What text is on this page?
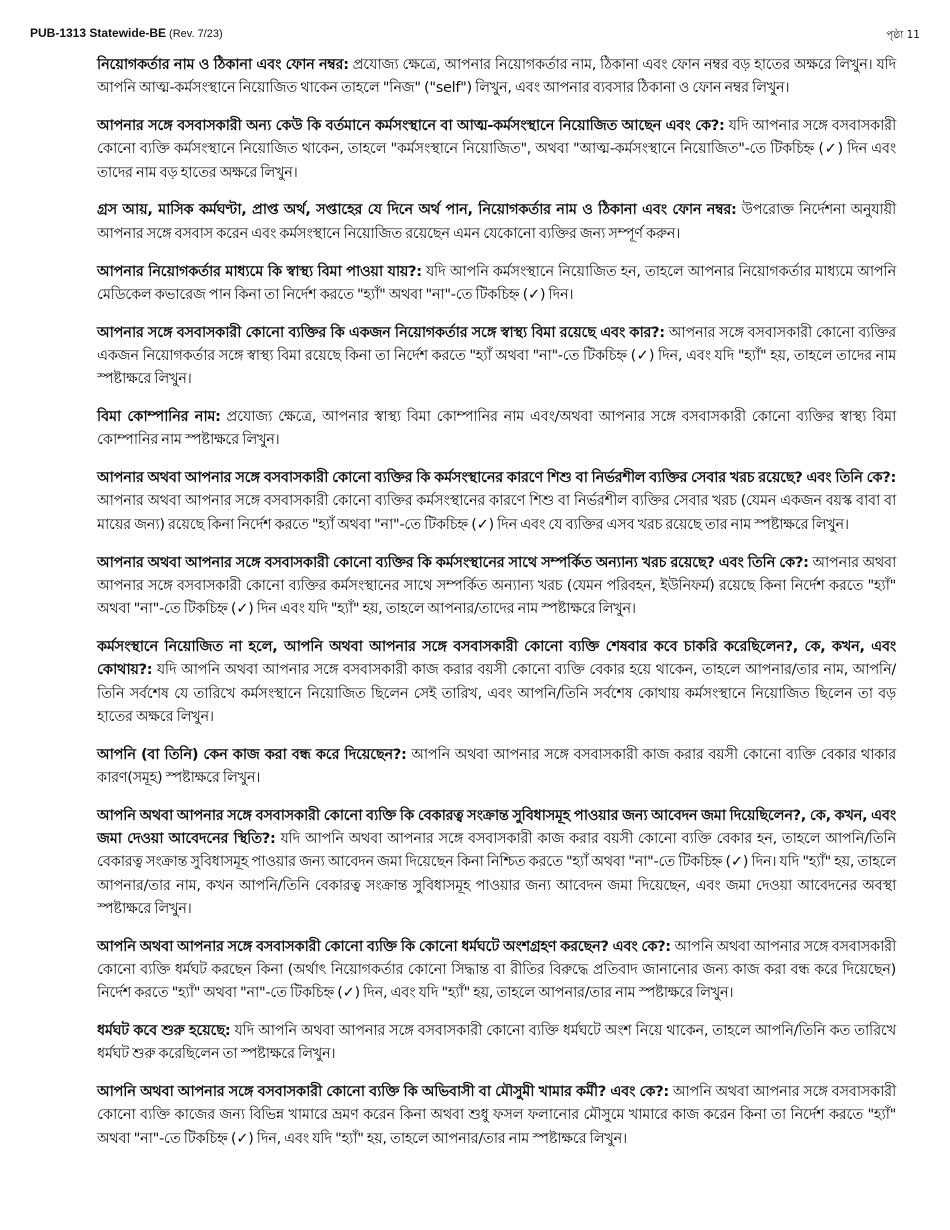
PUB-1313 Statewide-BE (Rev. 7/23)	পৃষ্ঠা 11

নিয়োগকর্তার নাম ও ঠিকানা এবং ফোন নম্বর: প্রযোজ্য ক্ষেত্রে, আপনার নিয়োগকর্তার নাম, ঠিকানা এবং ফোন নম্বর বড় হাতের অক্ষরে লিখুন। যদি আপনি আত্ম-কর্মসংস্থানে নিয়োজিত থাকেন তাহলে "নিজ" ("self") লিখুন, এবং আপনার ব্যবসার ঠিকানা ও ফোন নম্বর লিখুন।

আপনার সঙ্গে বসবাসকারী অন্য কেউ কি বর্তমানে কর্মসংস্থানে বা আত্ম-কর্মসংস্থানে নিয়োজিত আছেন এবং কে?: যদি আপনার সঙ্গে বসবাসকারী কোনো ব্যক্তি কর্মসংস্থানে নিয়োজিত থাকেন, তাহলে "কর্মসংস্থানে নিয়োজিত", অথবা "আত্ম-কর্মসংস্থানে নিয়োজিত"-তে টিকচিহ্ন (✓) দিন এবং তাদের নাম বড় হাতের অক্ষরে লিখুন।

গ্রস আয়, মাসিক কর্মঘণ্টা, প্রাপ্ত অর্থ, সপ্তাহের যে দিনে অর্থ পান, নিয়োগকর্তার নাম ও ঠিকানা এবং ফোন নম্বর: উপরোক্ত নির্দেশনা অনুযায়ী আপনার সঙ্গে বসবাস করেন এবং কর্মসংস্থানে নিয়োজিত রয়েছেন এমন যেকোনো ব্যক্তির জন্য সম্পূর্ণ করুন।

আপনার নিয়োগকর্তার মাধ্যমে কি স্বাস্থ্য বিমা পাওয়া যায়?: যদি আপনি কর্মসংস্থানে নিয়োজিত হন, তাহলে আপনার নিয়োগকর্তার মাধ্যমে আপনি মেডিকেল কভারেজ পান কিনা তা নির্দেশ করতে "হ্যাঁ" অথবা "না"-তে টিকচিহ্ন (✓) দিন।

আপনার সঙ্গে বসবাসকারী কোনো ব্যক্তির কি একজন নিয়োগকর্তার সঙ্গে স্বাস্থ্য বিমা রয়েছে এবং কার?: আপনার সঙ্গে বসবাসকারী কোনো ব্যক্তির একজন নিয়োগকর্তার সঙ্গে স্বাস্থ্য বিমা রয়েছে কিনা তা নির্দেশ করতে "হ্যাঁ অথবা "না"-তে টিকচিহ্ন (✓) দিন, এবং যদি "হ্যাঁ" হয়, তাহলে তাদের নাম স্পষ্টাক্ষরে লিখুন।

বিমা কোম্পানির নাম: প্রযোজ্য ক্ষেত্রে, আপনার স্বাস্থ্য বিমা কোম্পানির নাম এবং/অথবা আপনার সঙ্গে বসবাসকারী কোনো ব্যক্তির স্বাস্থ্য বিমা কোম্পানির নাম স্পষ্টাক্ষরে লিখুন।

আপনার অথবা আপনার সঙ্গে বসবাসকারী কোনো ব্যক্তির কি কর্মসংস্থানের কারণে শিশু বা নির্ভরশীল ব্যক্তির সেবার খরচ রয়েছে? এবং তিনি কে?: আপনার অথবা আপনার সঙ্গে বসবাসকারী কোনো ব্যক্তির কর্মসংস্থানের কারণে শিশু বা নির্ভরশীল ব্যক্তির সেবার খরচ (যেমন একজন বয়স্ক বাবা বা মায়ের জন্য) রয়েছে কিনা নির্দেশ করতে "হ্যাঁ অথবা "না"-তে টিকচিহ্ন (✓) দিন এবং যে ব্যক্তির এসব খরচ রয়েছে তার নাম স্পষ্টাক্ষরে লিখুন।

আপনার অথবা আপনার সঙ্গে বসবাসকারী কোনো ব্যক্তির কি কর্মসংস্থানের সাথে সম্পর্কিত অন্যান্য খরচ রয়েছে? এবং তিনি কে?: আপনার অথবা আপনার সঙ্গে বসবাসকারী কোনো ব্যক্তির কর্মসংস্থানের সাথে সম্পর্কিত অন্যান্য খরচ (যেমন পরিবহন, ইউনিফর্ম) রয়েছে কিনা নির্দেশ করতে "হ্যাঁ" অথবা "না"-তে টিকচিহ্ন (✓) দিন এবং যদি "হ্যাঁ" হয়, তাহলে আপনার/তাদের নাম স্পষ্টাক্ষরে লিখুন।

কর্মসংস্থানে নিয়োজিত না হলে, আপনি অথবা আপনার সঙ্গে বসবাসকারী কোনো ব্যক্তি শেষবার কবে চাকরি করেছিলেন?, কে, কখন, এবং কোথায়?: যদি আপনি অথবা আপনার সঙ্গে বসবাসকারী কাজ করার বয়সী কোনো ব্যক্তি বেকার হয়ে থাকেন, তাহলে আপনার/তার নাম, আপনি/তিনি সর্বশেষ যে তারিখে কর্মসংস্থানে নিয়োজিত ছিলেন সেই তারিখ, এবং আপনি/তিনি সর্বশেষ কোথায় কর্মসংস্থানে নিয়োজিত ছিলেন তা বড় হাতের অক্ষরে লিখুন।

আপনি (বা তিনি) কেন কাজ করা বন্ধ করে দিয়েছেন?: আপনি অথবা আপনার সঙ্গে বসবাসকারী কাজ করার বয়সী কোনো ব্যক্তি বেকার থাকার কারণ(সমূহ) স্পষ্টাক্ষরে লিখুন।

আপনি অথবা আপনার সঙ্গে বসবাসকারী কোনো ব্যক্তি কি বেকারত্ব সংক্রান্ত সুবিধাসমূহ পাওয়ার জন্য আবেদন জমা দিয়েছিলেন?, কে, কখন, এবং জমা দেওয়া আবেদনের স্থিতি?: যদি আপনি অথবা আপনার সঙ্গে বসবাসকারী কাজ করার বয়সী কোনো ব্যক্তি বেকার হন, তাহলে আপনি/তিনি বেকারত্ব সংক্রান্ত সুবিধাসমূহ পাওয়ার জন্য আবেদন জমা দিয়েছেন কিনা নিশ্চিত করতে "হ্যাঁ অথবা "না"-তে টিকচিহ্ন (✓) দিন। যদি "হ্যাঁ" হয়, তাহলে আপনার/তার নাম, কখন আপনি/তিনি বেকারত্ব সংক্রান্ত সুবিধাসমূহ পাওয়ার জন্য আবেদন জমা দিয়েছেন, এবং জমা দেওয়া আবেদনের অবস্থা স্পষ্টাক্ষরে লিখুন।

আপনি অথবা আপনার সঙ্গে বসবাসকারী কোনো ব্যক্তি কি কোনো ধর্মঘটে অংশগ্রহণ করছেন? এবং কে?: আপনি অথবা আপনার সঙ্গে বসবাসকারী কোনো ব্যক্তি ধর্মঘট করছেন কিনা (অর্থাৎ নিয়োগকর্তার কোনো সিদ্ধান্ত বা রীতির বিরুদ্ধে প্রতিবাদ জানানোর জন্য কাজ করা বন্ধ করে দিয়েছেন) নির্দেশ করতে "হ্যাঁ" অথবা "না"-তে টিকচিহ্ন (✓) দিন, এবং যদি "হ্যাঁ" হয়, তাহলে আপনার/তার নাম স্পষ্টাক্ষরে লিখুন।

ধর্মঘট কবে শুরু হয়েছে: যদি আপনি অথবা আপনার সঙ্গে বসবাসকারী কোনো ব্যক্তি ধর্মঘটে অংশ নিয়ে থাকেন, তাহলে আপনি/তিনি কত তারিখে ধর্মঘট শুরু করেছিলেন তা স্পষ্টাক্ষরে লিখুন।

আপনি অথবা আপনার সঙ্গে বসবাসকারী কোনো ব্যক্তি কি অভিবাসী বা মৌসুমী খামার কর্মী? এবং কে?: আপনি অথবা আপনার সঙ্গে বসবাসকারী কোনো ব্যক্তি কাজের জন্য বিভিন্ন খামারে ভ্রমণ করেন কিনা অথবা শুধু ফসল ফলানোর মৌসুমে খামারে কাজ করেন কিনা তা নির্দেশ করতে "হ্যাঁ" অথবা "না"-তে টিকচিহ্ন (✓) দিন, এবং যদি "হ্যাঁ" হয়, তাহলে আপনার/তার নাম স্পষ্টাক্ষরে লিখুন।
